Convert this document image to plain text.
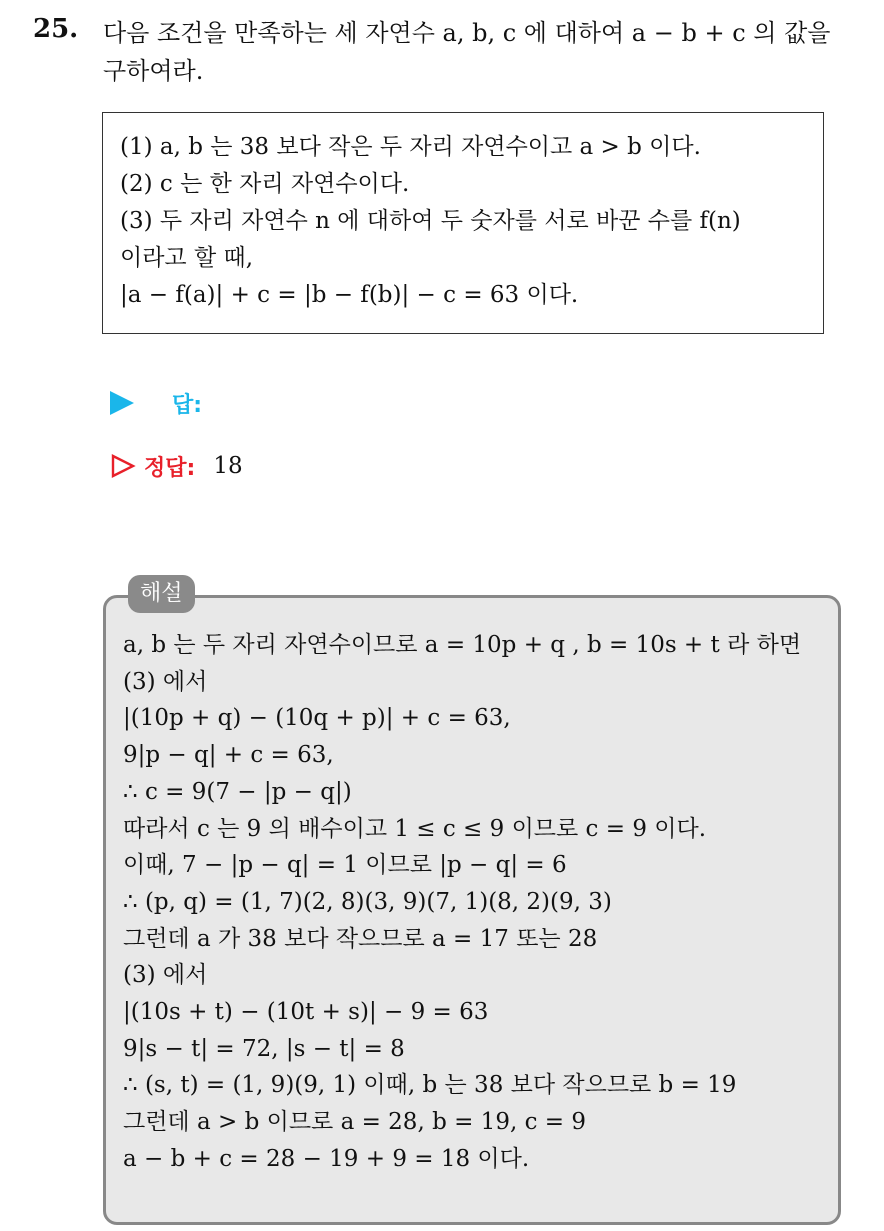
25. 다음 조건을 만족하는 세 자연수 a, b, c 에 대하여 a − b + c 의 값을
구하여라.
(1) a, b 는 38 보다 작은 두 자리 자연수이고 a > b 이다.
(2) c 는 한 자리 자연수이다.
(3) 두 자리 자연수 n 에 대하여 두 숫자를 서로 바꾼 수를 f(n)
이라고 할 때,
|a − f(a)| + c = |b − f(b)| − c = 63 이다.
답:
정답: 18
해설
a, b 는 두 자리 자연수이므로 a = 10p + q , b = 10s + t 라 하면
(3) 에서
|(10p + q) − (10q + p)| + c = 63,
9|p − q| + c = 63,
∴ c = 9(7 − |p − q|)
따라서 c 는 9 의 배수이고 1 ≤ c ≤ 9 이므로 c = 9 이다.
이때, 7 − |p − q| = 1 이므로 |p − q| = 6
∴ (p, q) = (1, 7)(2, 8)(3, 9)(7, 1)(8, 2)(9, 3)
그런데 a 가 38 보다 작으므로 a = 17 또는 28
(3) 에서
|(10s + t) − (10t + s)| − 9 = 63
9|s − t| = 72, |s − t| = 8
∴ (s, t) = (1, 9)(9, 1) 이때, b 는 38 보다 작으므로 b = 19
그런데 a > b 이므로 a = 28, b = 19, c = 9
a − b + c = 28 − 19 + 9 = 18 이다.
